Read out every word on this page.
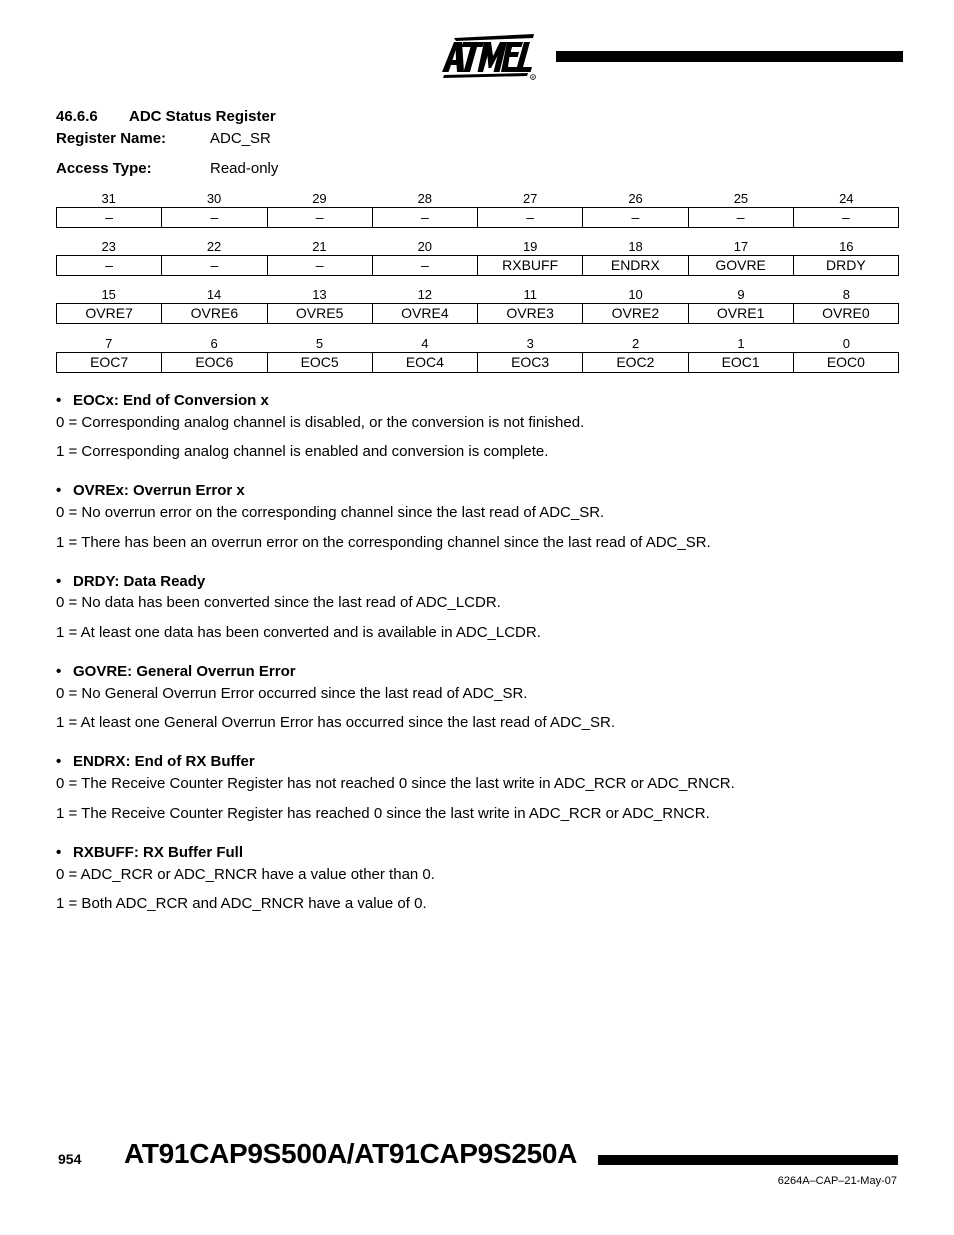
R
46.6.6 ADC Status Register
Register Name:	ADC_SR
Access Type:	Read-only
31	30	29	28	27	26	25	24
–	–	–	–	–	–	–	–
23	22	21	20	19	18	17	16
–	–	–	–	RXBUFF	ENDRX	GOVRE	DRDY
15	14	13	12	11	10	9	8
OVRE7	OVRE6	OVRE5	OVRE4	OVRE3	OVRE2	OVRE1	OVRE0
7	6	5	4	3	2	1	0
EOC7	EOC6	EOC5	EOC4	EOC3	EOC2	EOC1	EOC0
• EOCx: End of Conversion x
0 = Corresponding analog channel is disabled, or the conversion is not finished.
1 = Corresponding analog channel is enabled and conversion is complete.
• OVREx: Overrun Error x
0 = No overrun error on the corresponding channel since the last read of ADC_SR.
1 = There has been an overrun error on the corresponding channel since the last read of ADC_SR.
• DRDY: Data Ready
0 = No data has been converted since the last read of ADC_LCDR.
1 = At least one data has been converted and is available in ADC_LCDR.
• GOVRE: General Overrun Error
0 = No General Overrun Error occurred since the last read of ADC_SR.
1 = At least one General Overrun Error has occurred since the last read of ADC_SR.
• ENDRX: End of RX Buffer
0 = The Receive Counter Register has not reached 0 since the last write in ADC_RCR or ADC_RNCR.
1 = The Receive Counter Register has reached 0 since the last write in ADC_RCR or ADC_RNCR.
• RXBUFF: RX Buffer Full
0 = ADC_RCR or ADC_RNCR have a value other than 0.
1 = Both ADC_RCR and ADC_RNCR have a value of 0.
954 AT91CAP9S500A/AT91CAP9S250A
6264A–CAP–21-May-07
